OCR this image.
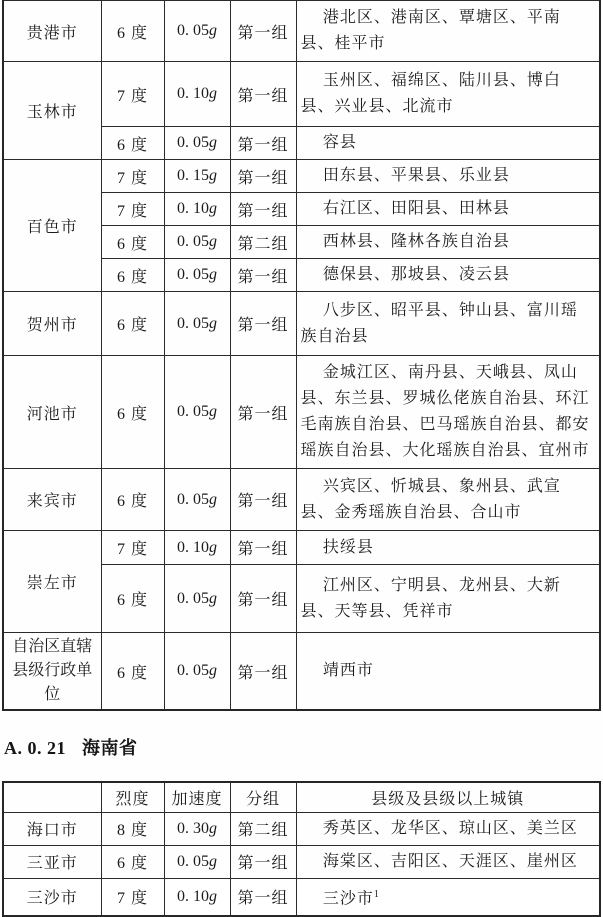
贵港市	6 度	0. 05g	第一组	港北区、港南区、覃塘区、平南县、桂平市
玉林市	7 度	0. 10g	第一组	玉州区、福绵区、陆川县、博白县、兴业县、北流市
	6 度	0. 05g	第一组	容县
百色市	7 度	0. 15g	第一组	田东县、平果县、乐业县
	7 度	0. 10g	第一组	右江区、田阳县、田林县
	6 度	0. 05g	第二组	西林县、隆林各族自治县
	6 度	0. 05g	第一组	德保县、那坡县、凌云县
贺州市	6 度	0. 05g	第一组	八步区、昭平县、钟山县、富川瑶族自治县
河池市	6 度	0. 05g	第一组	金城江区、南丹县、天峨县、凤山县、东兰县、罗城仫佬族自治县、环江毛南族自治县、巴马瑶族自治县、都安瑶族自治县、大化瑶族自治县、宜州市
来宾市	6 度	0. 05g	第一组	兴宾区、忻城县、象州县、武宣县、金秀瑶族自治县、合山市
崇左市	7 度	0. 10g	第一组	扶绥县
	6 度	0. 05g	第一组	江州区、宁明县、龙州县、大新县、天等县、凭祥市
自治区直辖县级行政单位	6 度	0. 05g	第一组	靖西市
A. 0. 21 海南省
	烈度	加速度	分组	县级及县级以上城镇
海口市	8 度	0. 30g	第二组	秀英区、龙华区、琼山区、美兰区
三亚市	6 度	0. 05g	第一组	海棠区、吉阳区、天涯区、崖州区
三沙市	7 度	0. 10g	第一组	三沙市$^1$
